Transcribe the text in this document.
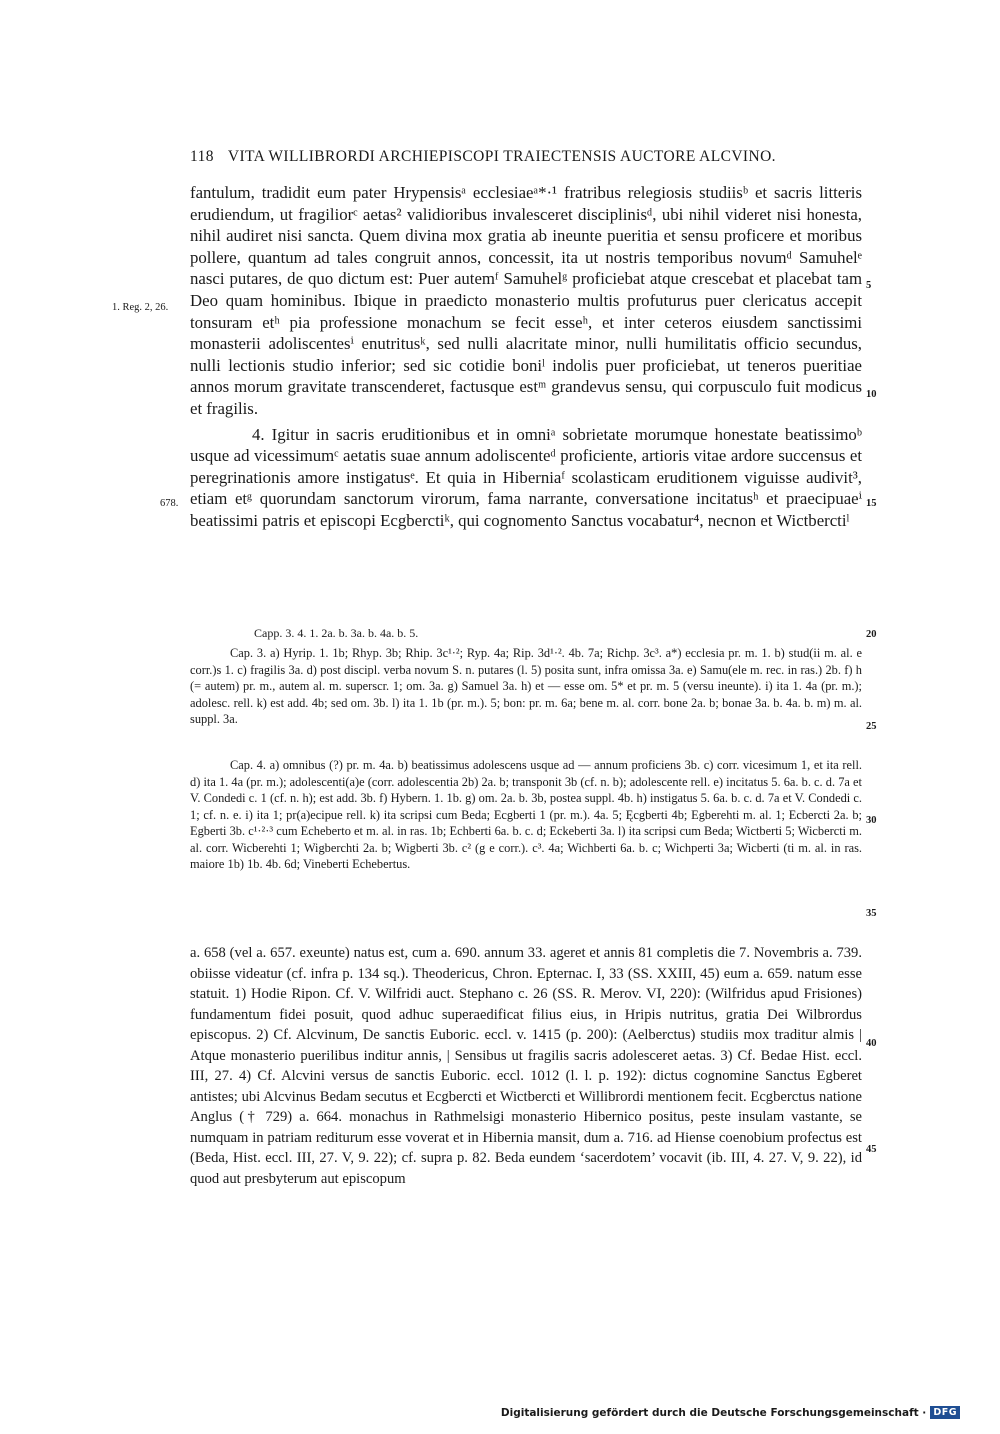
118 VITA WILLIBRORDI ARCHIEPISCOPI TRAIECTENSIS AUCTORE ALCVINO.
1. Reg. 2, 26.
678.
5
10
15
20
25
30
35
40
45

fantulum, tradidit eum pater Hrypensisᵃ ecclesiaeᵃ*·¹ fratribus relegiosis studiisᵇ et sacris litteris erudiendum, ut fragiliorᶜ aetas² validioribus invalesceret disciplinisᵈ, ubi nihil videret nisi honesta, nihil audiret nisi sancta. Quem divina mox gratia ab ineunte pueritia et sensu proficere et moribus pollere, quantum ad tales congruit annos, concessit, ita ut nostris temporibus novumᵈ Samuhelᵉ nasci putares, de quo dictum est: Puer autemᶠ Samuhelᵍ proficiebat atque crescebat et placebat tam Deo quam hominibus. Ibique in praedicto monasterio multis profuturus puer clericatus accepit tonsuram etʰ pia professione monachum se fecit esseʰ, et inter ceteros eiusdem sanctissimi monasterii adoliscentesⁱ enutritusᵏ, sed nulli alacritate minor, nulli humilitatis officio secundus, nulli lectionis studio inferior; sed sic cotidie boniˡ indolis puer proficiebat, ut teneros pueritiae annos morum gravitate transcenderet, factusque estᵐ grandevus sensu, qui corpusculo fuit modicus et fragilis.

4. Igitur in sacris eruditionibus et in omniᵃ sobrietate morumque honestate beatissimoᵇ usque ad vicessimumᶜ aetatis suae annum adoliscenteᵈ proficiente, artioris vitae ardore succensus et peregrinationis amore instigatusᵉ. Et quia in Hiberniaᶠ scolasticam eruditionem viguisse audivit³, etiam etᵍ quorundam sanctorum virorum, fama narrante, conversatione incitatusʰ et praecipuaeⁱ beatissimi patris et episcopi Ecgberctiᵏ, qui cognomento Sanctus vocabatur⁴, necnon et Wictberctiˡ

Capp. 3. 4. 1. 2a. b. 3a. b. 4a. b. 5.

Cap. 3. a) Hyrip. 1. 1b; Rhyp. 3b; Rhip. 3c¹·²; Ryp. 4a; Rip. 3d¹·². 4b. 7a; Richp. 3c³. a*) ecclesia pr. m. 1. b) stud(ii m. al. e corr.)s 1. c) fragilis 3a. d) post discipl. verba novum S. n. putares (l. 5) posita sunt, infra omissa 3a. e) Samu(ele m. rec. in ras.) 2b. f) h (= autem) pr. m., autem al. m. superscr. 1; om. 3a. g) Samuel 3a. h) et — esse om. 5* et pr. m. 5 (versu ineunte). i) ita 1. 4a (pr. m.); adolesc. rell. k) est add. 4b; sed om. 3b. l) ita 1. 1b (pr. m.). 5; bon: pr. m. 6a; bene m. al. corr. bone 2a. b; bonae 3a. b. 4a. b. m) m. al. suppl. 3a.

Cap. 4. a) omnibus (?) pr. m. 4a. b) beatissimus adolescens usque ad — annum proficiens 3b. c) corr. vicesimum 1, et ita rell. d) ita 1. 4a (pr. m.); adolescenti(a)e (corr. adolescentia 2b) 2a. b; transponit 3b (cf. n. b); adolescente rell. e) incitatus 5. 6a. b. c. d. 7a et V. Condedi c. 1 (cf. n. h); est add. 3b. f) Hybern. 1. 1b. g) om. 2a. b. 3b, postea suppl. 4b. h) instigatus 5. 6a. b. c. d. 7a et V. Condedi c. 1; cf. n. e. i) ita 1; pr(a)ecipue rell. k) ita scripsi cum Beda; Ecgberti 1 (pr. m.). 4a. 5; Ęcgberti 4b; Egberehti m. al. 1; Ecbercti 2a. b; Egberti 3b. c¹·²·³ cum Echeberto et m. al. in ras. 1b; Echberti 6a. b. c. d; Eckeberti 3a. l) ita scripsi cum Beda; Wictberti 5; Wicbercti m. al. corr. Wicberehti 1; Wigberchti 2a. b; Wigberti 3b. c² (g e corr.). c³. 4a; Wichberti 6a. b. c; Wichperti 3a; Wicberti (ti m. al. in ras. maiore 1b) 1b. 4b. 6d; Vineberti Echebertus.

a. 658 (vel a. 657. exeunte) natus est, cum a. 690. annum 33. ageret et annis 81 completis die 7. Novembris a. 739. obiisse videatur (cf. infra p. 134 sq.). Theodericus, Chron. Epternac. I, 33 (SS. XXIII, 45) eum a. 659. natum esse statuit. 1) Hodie Ripon. Cf. V. Wilfridi auct. Stephano c. 26 (SS. R. Merov. VI, 220): (Wilfridus apud Frisiones) fundamentum fidei posuit, quod adhuc superaedificat filius eius, in Hripis nutritus, gratia Dei Wilbrordus episcopus. 2) Cf. Alcvinum, De sanctis Euboric. eccl. v. 1415 (p. 200): (Aelberctus) studiis mox traditur almis | Atque monasterio puerilibus inditur annis, | Sensibus ut fragilis sacris adolesceret aetas. 3) Cf. Bedae Hist. eccl. III, 27. 4) Cf. Alcvini versus de sanctis Euboric. eccl. 1012 (l. l. p. 192): dictus cognomine Sanctus Egberet antistes; ubi Alcvinus Bedam secutus et Ecgbercti et Wictbercti et Willibrordi mentionem fecit. Ecgberctus natione Anglus († 729) a. 664. monachus in Rathmelsigi monasterio Hibernico positus, peste insulam vastante, se numquam in patriam rediturum esse voverat et in Hibernia mansit, dum a. 716. ad Hiense coenobium profectus est (Beda, Hist. eccl. III, 27. V, 9. 22); cf. supra p. 82. Beda eundem ‘sacerdotem’ vocavit (ib. III, 4. 27. V, 9. 22), id quod aut presbyterum aut episcopum

Digitalisierung gefördert durch die Deutsche Forschungsgemeinschaft · DFG
